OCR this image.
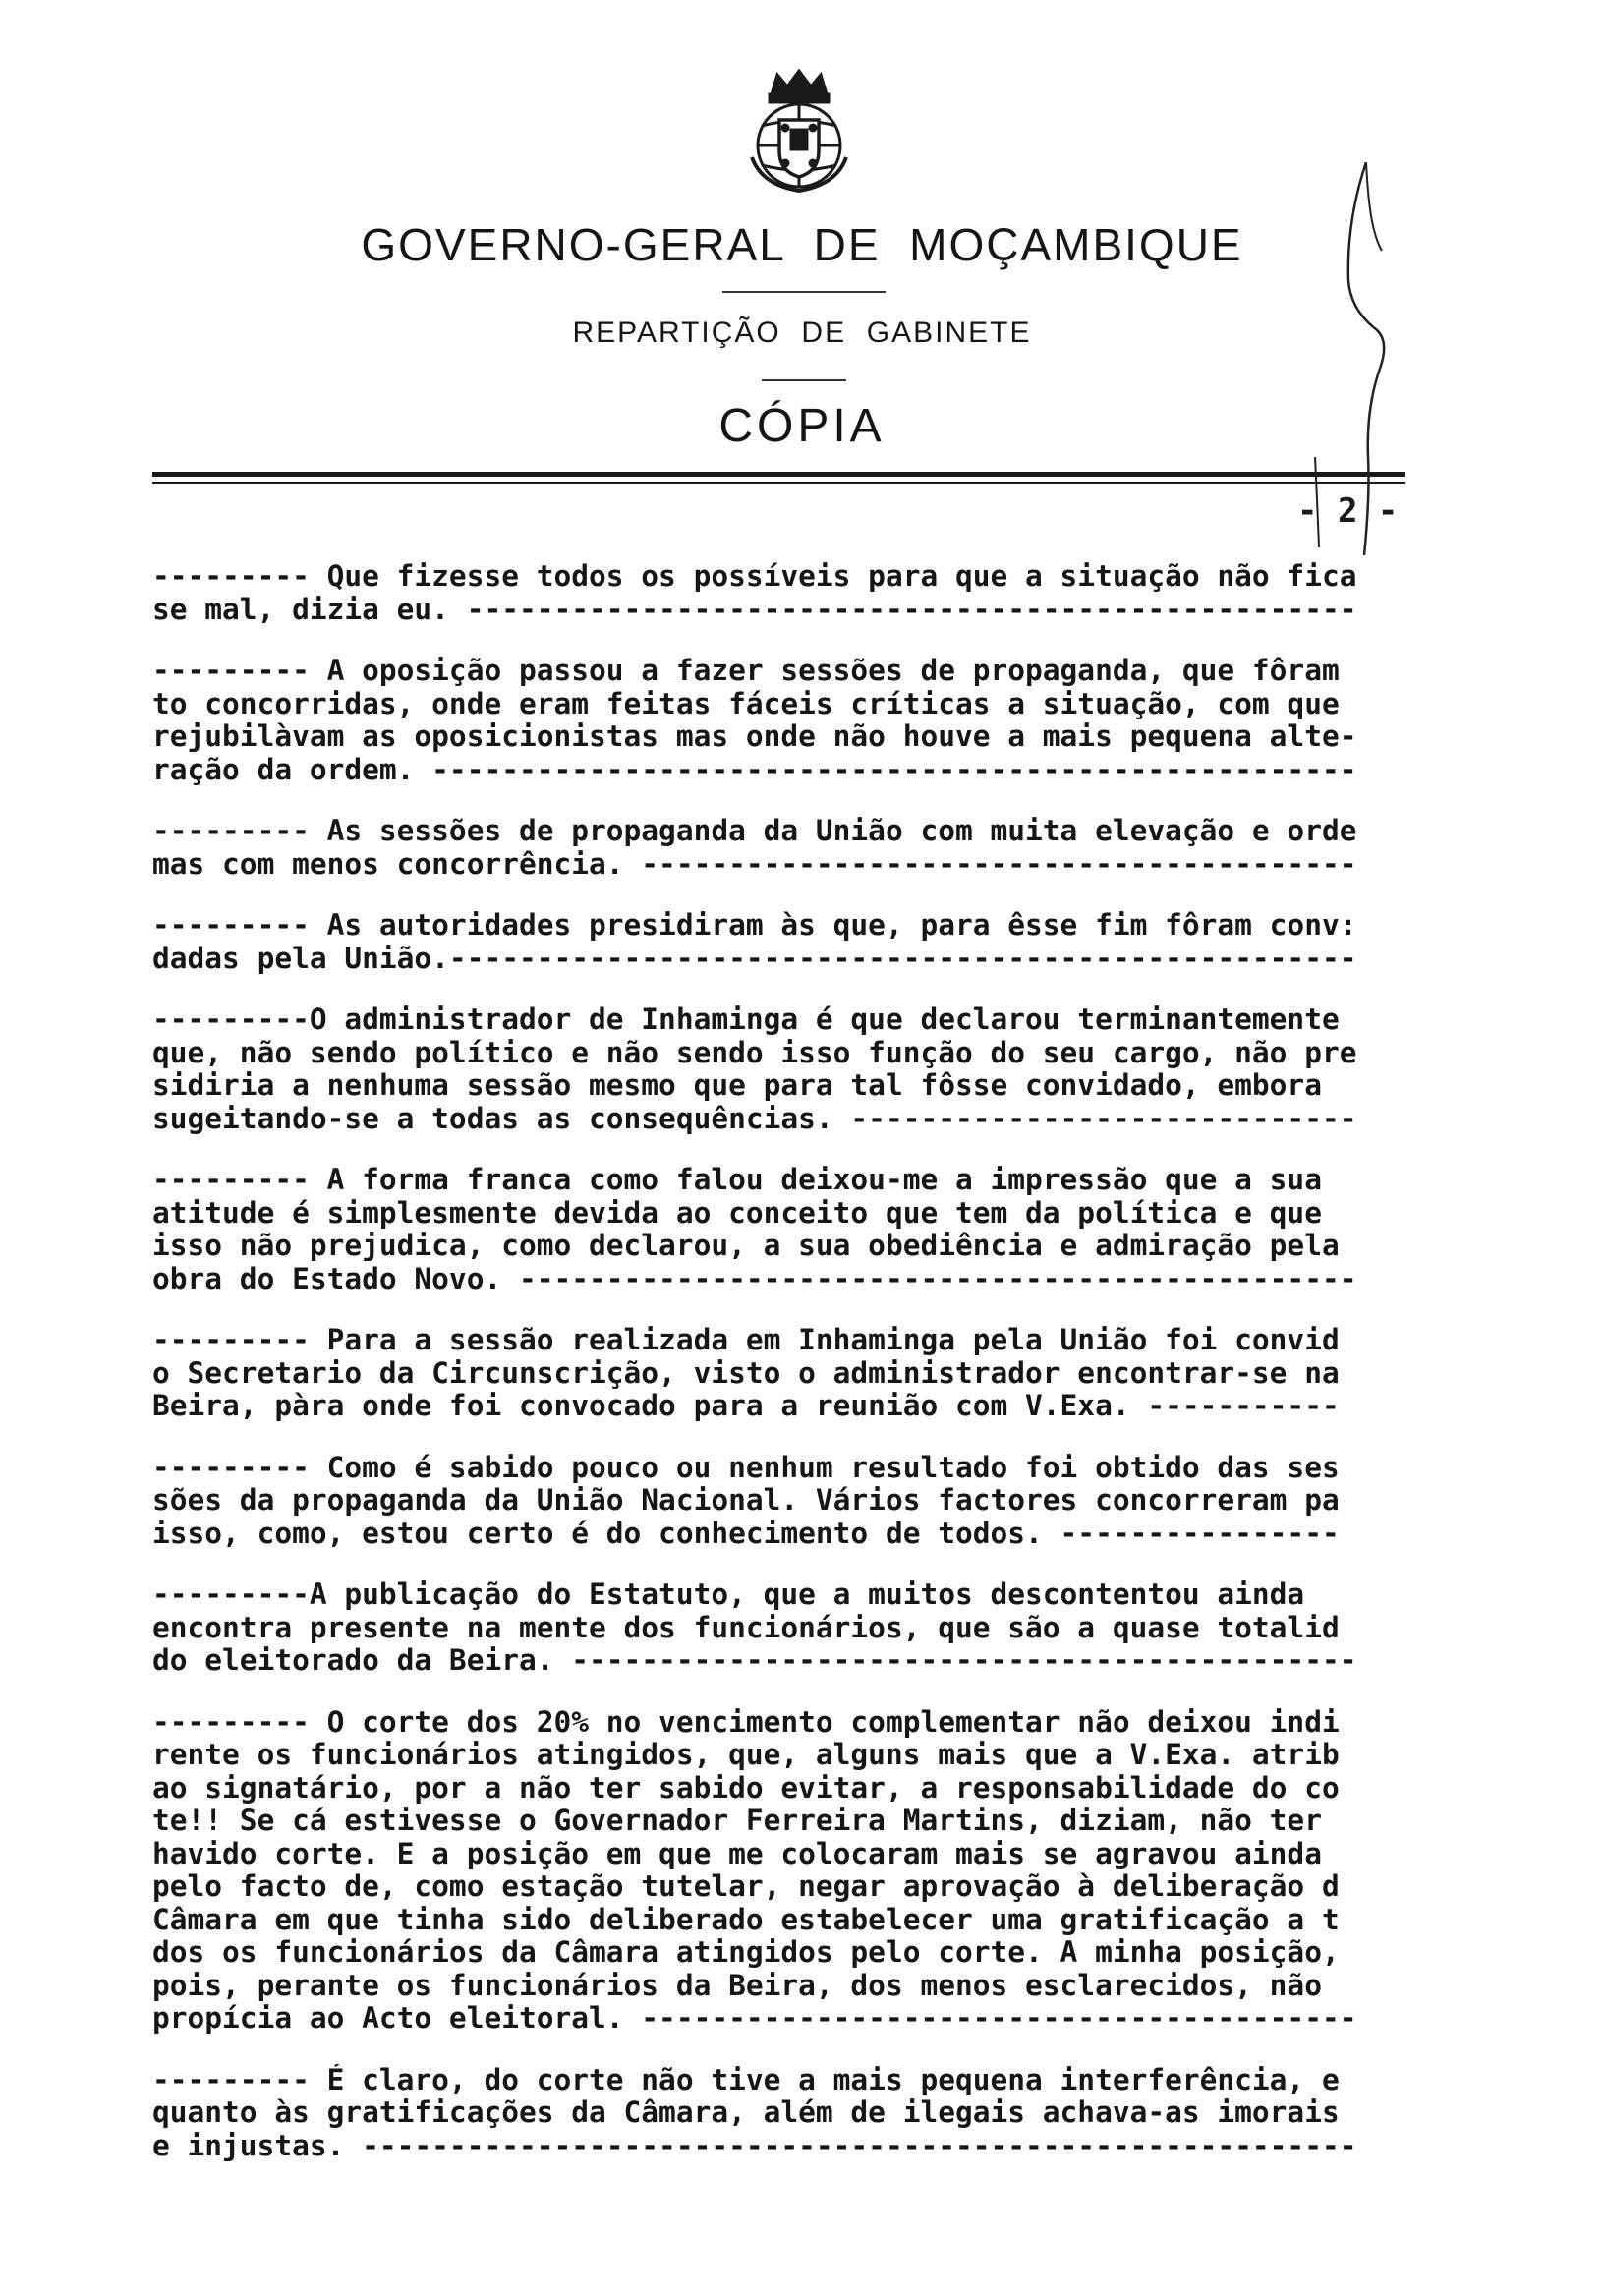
GOVERNO-GERAL  DE  MOÇAMBIQUE
REPARTIÇÃO  DE  GABINETE
CÓPIA
- 2 -
--------- Que fizesse todos os possíveis para que a situação não fica
se mal, dizia eu. ---------------------------------------------------
--------- A oposição passou a fazer sessões de propaganda, que fôram
to concorridas, onde eram feitas fáceis críticas a situação, com que
rejubilàvam as oposicionistas mas onde não houve a mais pequena alte-
ração da ordem. -----------------------------------------------------
--------- As sessões de propaganda da União com muita elevação e orde
mas com menos concorrência. -----------------------------------------
--------- As autoridades presidiram às que, para êsse fim fôram conv:
dadas pela União.----------------------------------------------------
---------O administrador de Inhaminga é que declarou terminantemente
que, não sendo político e não sendo isso função do seu cargo, não pre
sidiria a nenhuma sessão mesmo que para tal fôsse convidado, embora
sugeitando-se a todas as consequências. -----------------------------
--------- A forma franca como falou deixou-me a impressão que a sua
atitude é simplesmente devida ao conceito que tem da política e que
isso não prejudica, como declarou, a sua obediência e admiração pela
obra do Estado Novo. ------------------------------------------------
--------- Para a sessão realizada em Inhaminga pela União foi convid
o Secretario da Circunscrição, visto o administrador encontrar-se na
Beira, pàra onde foi convocado para a reunião com V.Exa. -----------
--------- Como é sabido pouco ou nenhum resultado foi obtido das ses
sões da propaganda da União Nacional. Vários factores concorreram pa
isso, como, estou certo é do conhecimento de todos. ----------------
---------A publicação do Estatuto, que a muitos descontentou ainda
encontra presente na mente dos funcionários, que são a quase totalid
do eleitorado da Beira. ---------------------------------------------
--------- O corte dos 20% no vencimento complementar não deixou indi
rente os funcionários atingidos, que, alguns mais que a V.Exa. atrib
ao signatário, por a não ter sabido evitar, a responsabilidade do co
te!! Se cá estivesse o Governador Ferreira Martins, diziam, não ter
havido corte. E a posição em que me colocaram mais se agravou ainda
pelo facto de, como estação tutelar, negar aprovação à deliberação d
Câmara em que tinha sido deliberado estabelecer uma gratificação a t
dos os funcionários da Câmara atingidos pelo corte. A minha posição,
pois, perante os funcionários da Beira, dos menos esclarecidos, não
propícia ao Acto eleitoral. -----------------------------------------
--------- É claro, do corte não tive a mais pequena interferência, e
quanto às gratificações da Câmara, além de ilegais achava-as imorais
e injustas. ---------------------------------------------------------
